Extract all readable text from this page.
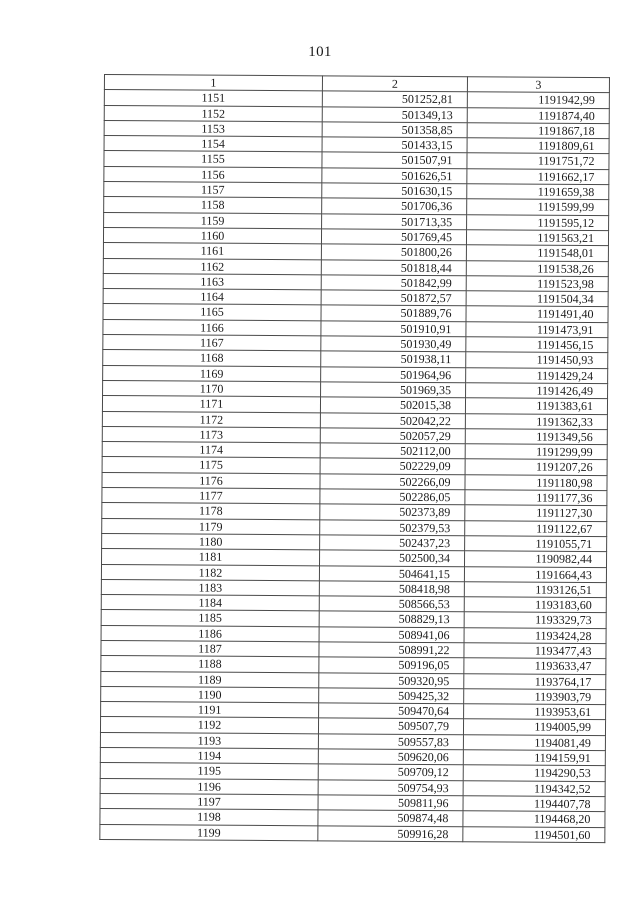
101
1	2	3
1151	501252,81	1191942,99
1152	501349,13	1191874,40
1153	501358,85	1191867,18
1154	501433,15	1191809,61
1155	501507,91	1191751,72
1156	501626,51	1191662,17
1157	501630,15	1191659,38
1158	501706,36	1191599,99
1159	501713,35	1191595,12
1160	501769,45	1191563,21
1161	501800,26	1191548,01
1162	501818,44	1191538,26
1163	501842,99	1191523,98
1164	501872,57	1191504,34
1165	501889,76	1191491,40
1166	501910,91	1191473,91
1167	501930,49	1191456,15
1168	501938,11	1191450,93
1169	501964,96	1191429,24
1170	501969,35	1191426,49
1171	502015,38	1191383,61
1172	502042,22	1191362,33
1173	502057,29	1191349,56
1174	502112,00	1191299,99
1175	502229,09	1191207,26
1176	502266,09	1191180,98
1177	502286,05	1191177,36
1178	502373,89	1191127,30
1179	502379,53	1191122,67
1180	502437,23	1191055,71
1181	502500,34	1190982,44
1182	504641,15	1191664,43
1183	508418,98	1193126,51
1184	508566,53	1193183,60
1185	508829,13	1193329,73
1186	508941,06	1193424,28
1187	508991,22	1193477,43
1188	509196,05	1193633,47
1189	509320,95	1193764,17
1190	509425,32	1193903,79
1191	509470,64	1193953,61
1192	509507,79	1194005,99
1193	509557,83	1194081,49
1194	509620,06	1194159,91
1195	509709,12	1194290,53
1196	509754,93	1194342,52
1197	509811,96	1194407,78
1198	509874,48	1194468,20
1199	509916,28	1194501,60
